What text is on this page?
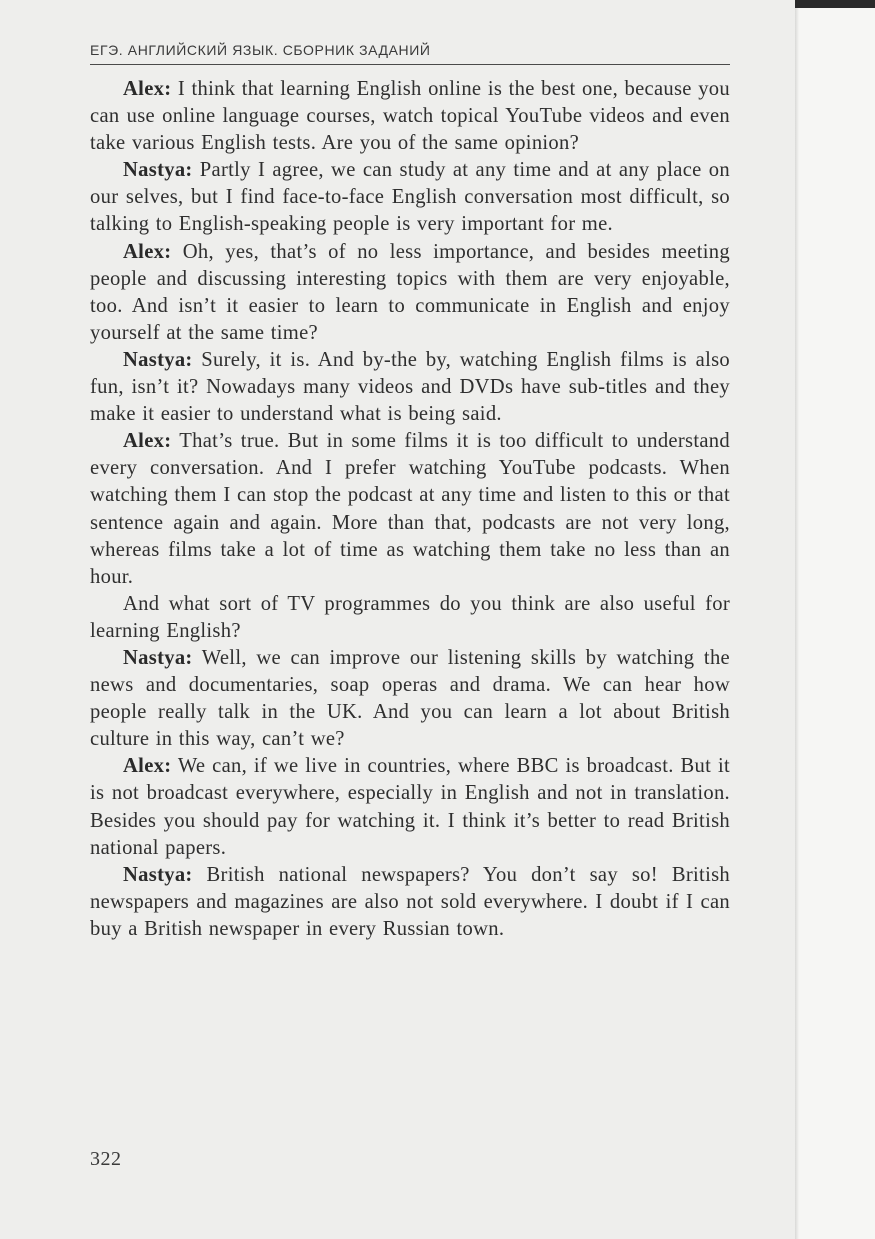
ЕГЭ. АНГЛИЙСКИЙ ЯЗЫК. СБОРНИК ЗАДАНИЙ

Alex: I think that learning English online is the best one, because you can use online language courses, watch topical YouTube videos and even take various English tests. Are you of the same opinion?

Nastya: Partly I agree, we can study at any time and at any place on our selves, but I find face-to-face English conversation most difficult, so talking to English-speaking people is very important for me.

Alex: Oh, yes, that’s of no less importance, and besides meeting people and discussing interesting topics with them are very enjoyable, too. And isn’t it easier to learn to communicate in English and enjoy yourself at the same time?

Nastya: Surely, it is. And by-the by, watching English films is also fun, isn’t it? Nowadays many videos and DVDs have sub-titles and they make it easier to understand what is being said.

Alex: That’s true. But in some films it is too difficult to understand every conversation. And I prefer watching YouTube podcasts. When watching them I can stop the podcast at any time and listen to this or that sentence again and again. More than that, podcasts are not very long, whereas films take a lot of time as watching them take no less than an hour.

And what sort of TV programmes do you think are also useful for learning English?

Nastya: Well, we can improve our listening skills by watching the news and documentaries, soap operas and drama. We can hear how people really talk in the UK. And you can learn a lot about British culture in this way, can’t we?

Alex: We can, if we live in countries, where BBC is broadcast. But it is not broadcast everywhere, especially in English and not in translation. Besides you should pay for watching it. I think it’s better to read British national papers.

Nastya: British national newspapers? You don’t say so! British newspapers and magazines are also not sold everywhere. I doubt if I can buy a British newspaper in every Russian town.

322
